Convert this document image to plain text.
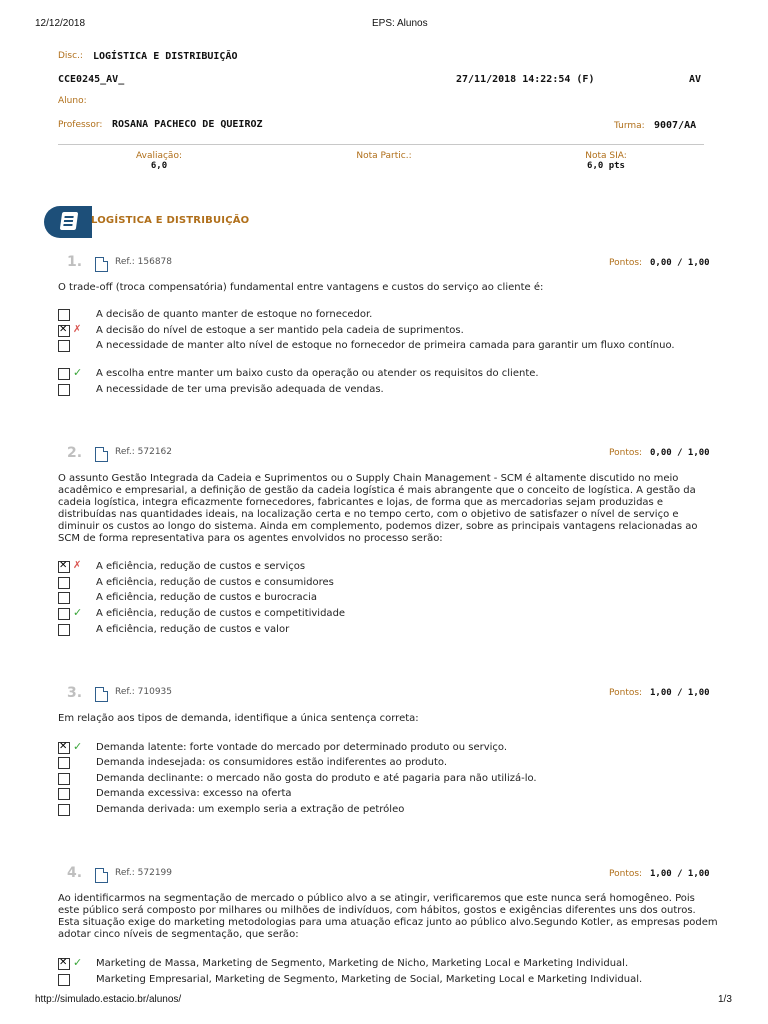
12/12/2018	EPS: Alunos
Disc.: LOGÍSTICA E DISTRIBUIÇÃO
CCE0245_AV_	27/11/2018 14:22:54 (F)	AV
Aluno:
Professor: ROSANA PACHECO DE QUEIROZ	Turma: 9007/AA
Avaliação:
6,0
Nota Partic.:	Nota SIA:
6,0 pts
LOGÍSTICA E DISTRIBUIÇÃO
1.	Ref.: 156878	Pontos: 0,00 / 1,00
O trade-off (troca compensatória) fundamental entre vantagens e custos do serviço ao cliente é:
A decisão de quanto manter de estoque no fornecedor.
✕
✗ A decisão do nível de estoque a ser mantido pela cadeia de suprimentos.
A necessidade de manter alto nível de estoque no fornecedor de primeira camada para garantir um fluxo contínuo.
✓ A escolha entre manter um baixo custo da operação ou atender os requisitos do cliente.
A necessidade de ter uma previsão adequada de vendas.
2.	Ref.: 572162	Pontos: 0,00 / 1,00
O assunto Gestão Integrada da Cadeia e Suprimentos ou o Supply Chain Management - SCM é altamente discutido no meio acadêmico e empresarial, a definição de gestão da cadeia logística é mais abrangente que o conceito de logística. A gestão da cadeia logística, integra eficazmente fornecedores, fabricantes e lojas, de forma que as mercadorias sejam produzidas e distribuídas nas quantidades ideais, na localização certa e no tempo certo, com o objetivo de satisfazer o nível de serviço e diminuir os custos ao longo do sistema. Ainda em complemento, podemos dizer, sobre as principais vantagens relacionadas ao SCM de forma representativa para os agentes envolvidos no processo serão:
✕
✗ A eficiência, redução de custos e serviços
A eficiência, redução de custos e consumidores
A eficiência, redução de custos e burocracia
✓ A eficiência, redução de custos e competitividade
A eficiência, redução de custos e valor
3.	Ref.: 710935	Pontos: 1,00 / 1,00
Em relação aos tipos de demanda, identifique a única sentença correta:
✕
✓ Demanda latente: forte vontade do mercado por determinado produto ou serviço.
Demanda indesejada: os consumidores estão indiferentes ao produto.
Demanda declinante: o mercado não gosta do produto e até pagaria para não utilizá-lo.
Demanda excessiva: excesso na oferta
Demanda derivada: um exemplo seria a extração de petróleo
4.	Ref.: 572199	Pontos: 1,00 / 1,00
Ao identificarmos na segmentação de mercado o público alvo a se atingir, verificaremos que este nunca será homogêneo. Pois este público será composto por milhares ou milhões de indivíduos, com hábitos, gostos e exigências diferentes uns dos outros. Esta situação exige do marketing metodologias para uma atuação eficaz junto ao público alvo.Segundo Kotler, as empresas podem adotar cinco níveis de segmentação, que serão:
✕
✓ Marketing de Massa, Marketing de Segmento, Marketing de Nicho, Marketing Local e Marketing Individual.
Marketing Empresarial, Marketing de Segmento, Marketing de Social, Marketing Local e Marketing Individual.
http://simulado.estacio.br/alunos/	1/3
